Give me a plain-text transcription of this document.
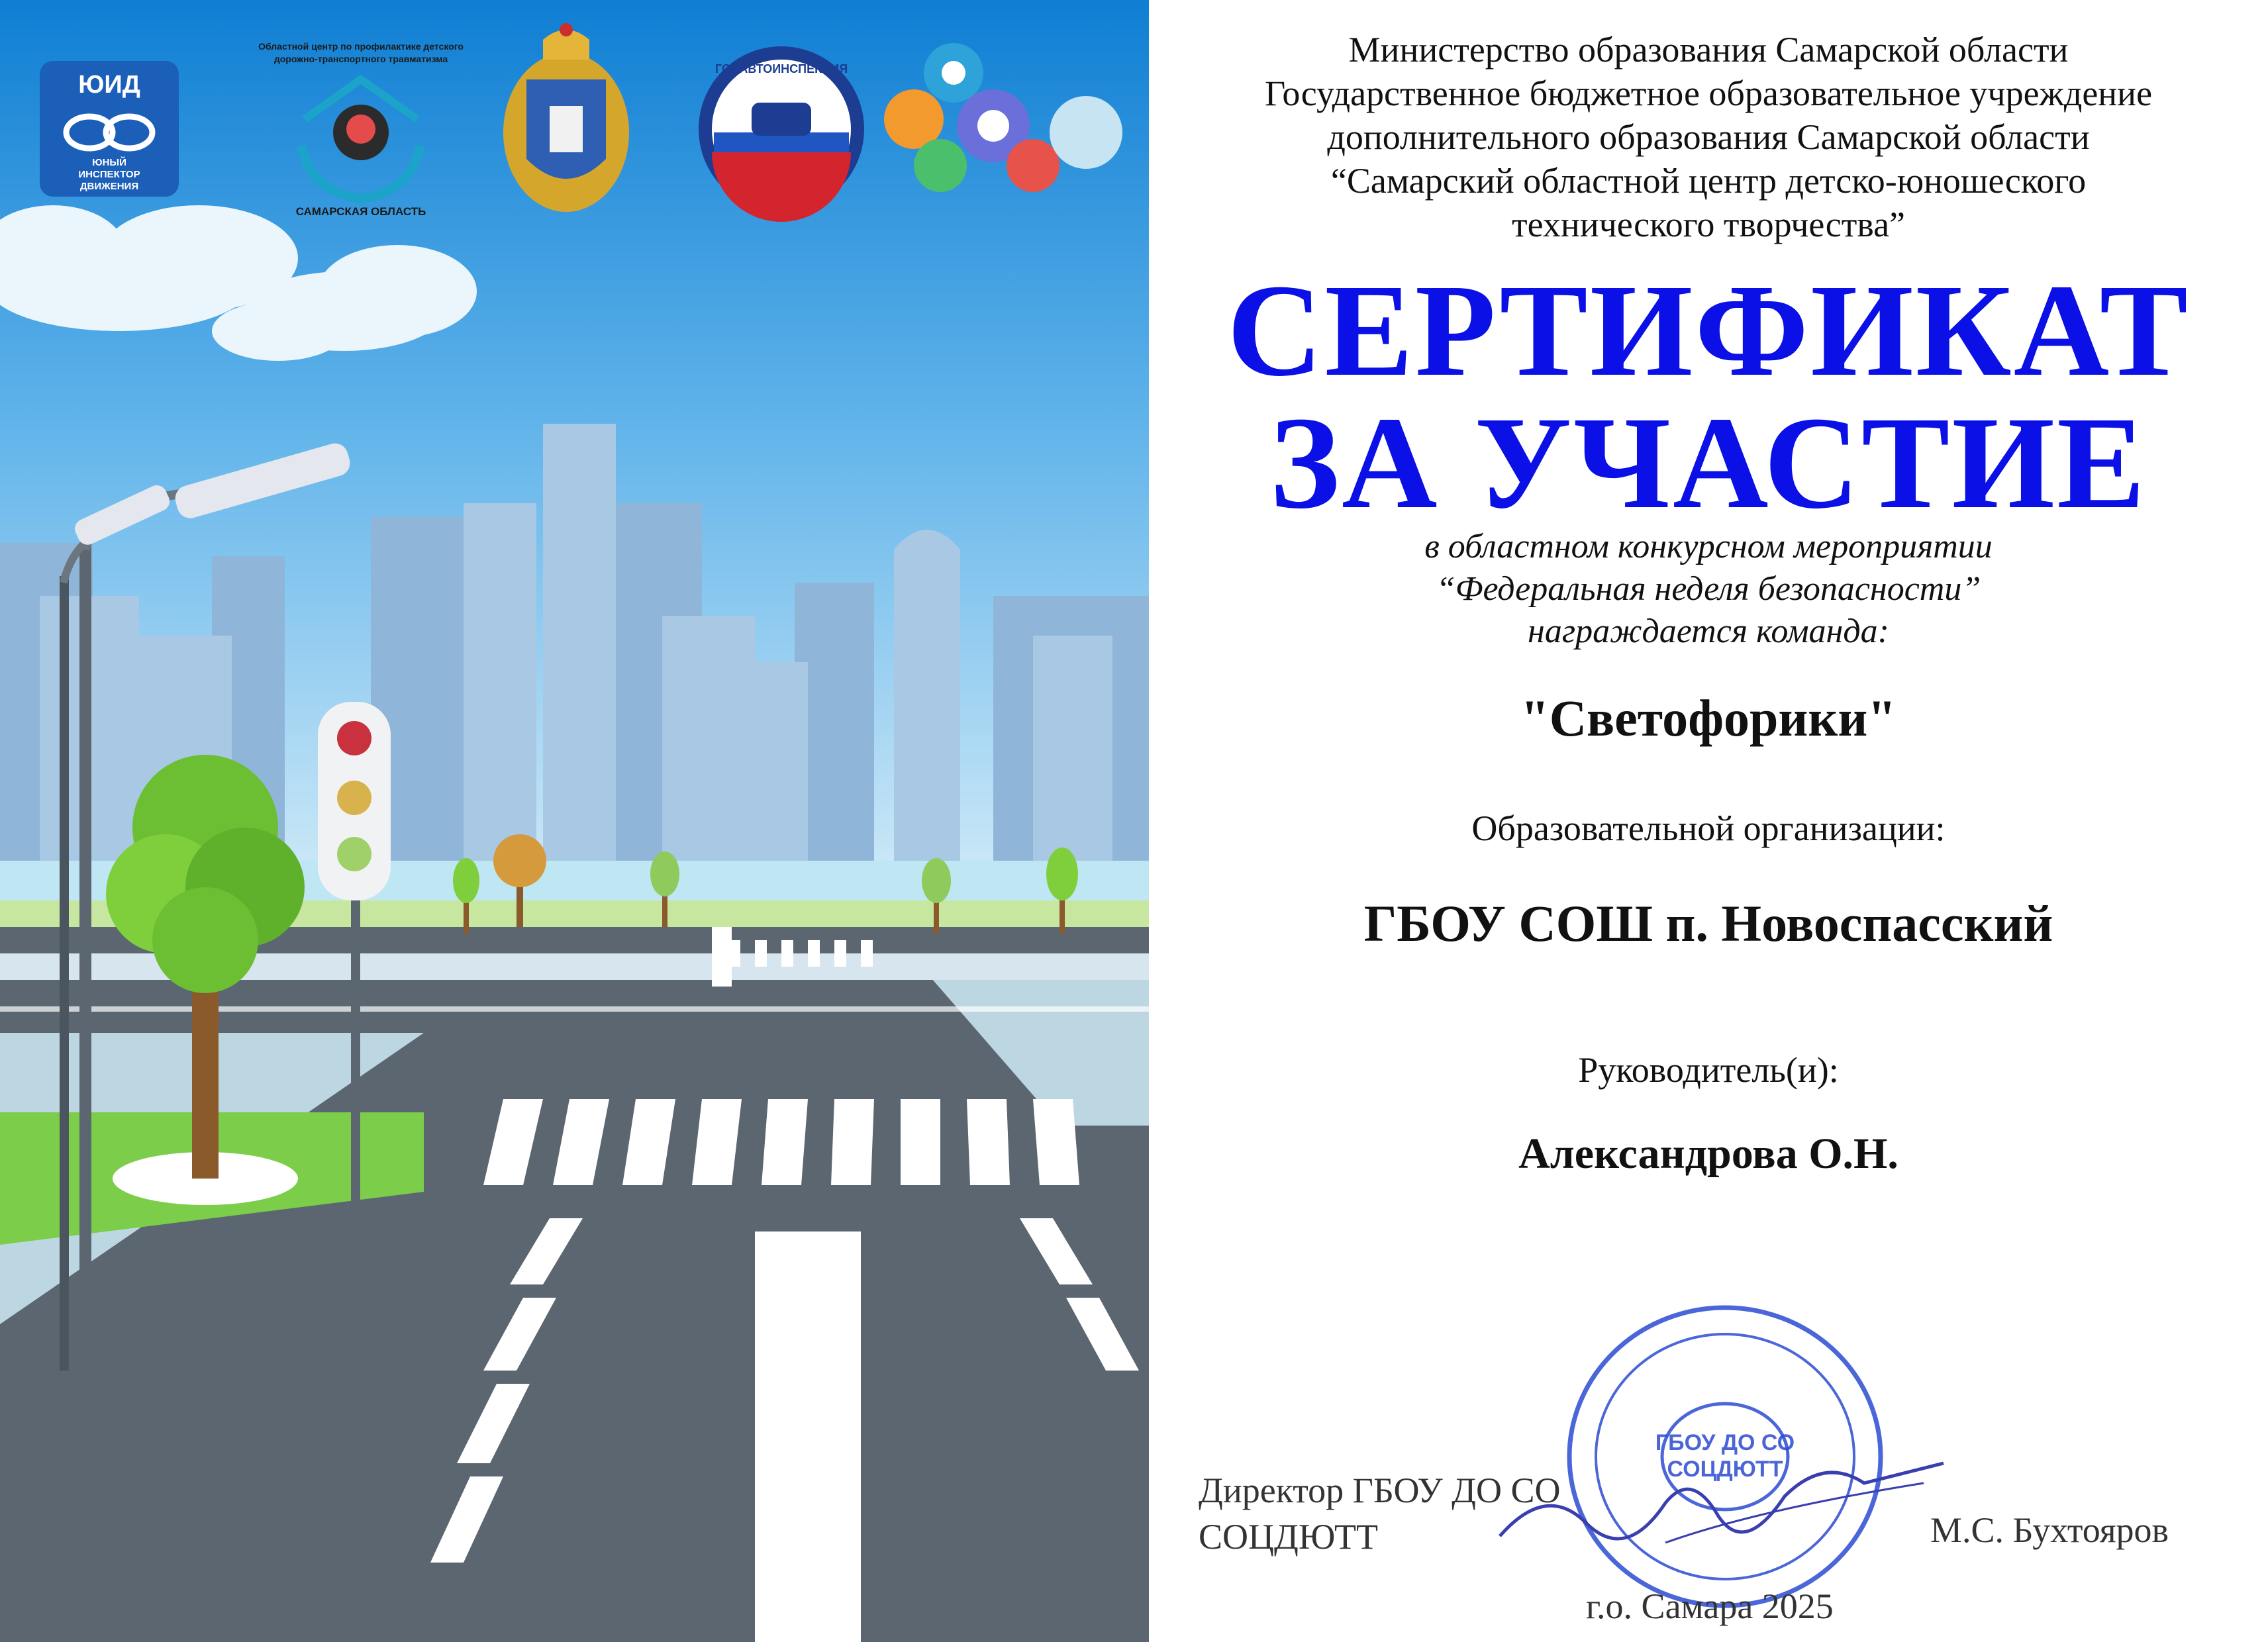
ЮИД
ЮНЫЙ
ИНСПЕКТОР
ДВИЖЕНИЯ
Областной центр по профилактике детского
дорожно-транспортного травматизма
САМАРСКАЯ ОБЛАСТЬ
ГОСАВТОИНСПЕКЦИЯ	Министерство образования Самарской области
Государственное бюджетное образовательное учреждение
дополнительного образования Самарской области
“Самарский областной центр детско-юношеского
технического творчества”
СЕРТИФИКАТ
ЗА УЧАСТИЕ
в областном конкурсном мероприятии
“Федеральная неделя безопасности”
награждается команда:
"Светофорики"
Образовательной организации:
ГБОУ СОШ п. Новоспасский
Руководитель(и):
Александрова О.Н.
ГБОУ ДО СО
СОЦДЮТТ
Директор ГБОУ ДО СО
СОЦДЮТТ	М.С. Бухтояров
г.о. Самара 2025
